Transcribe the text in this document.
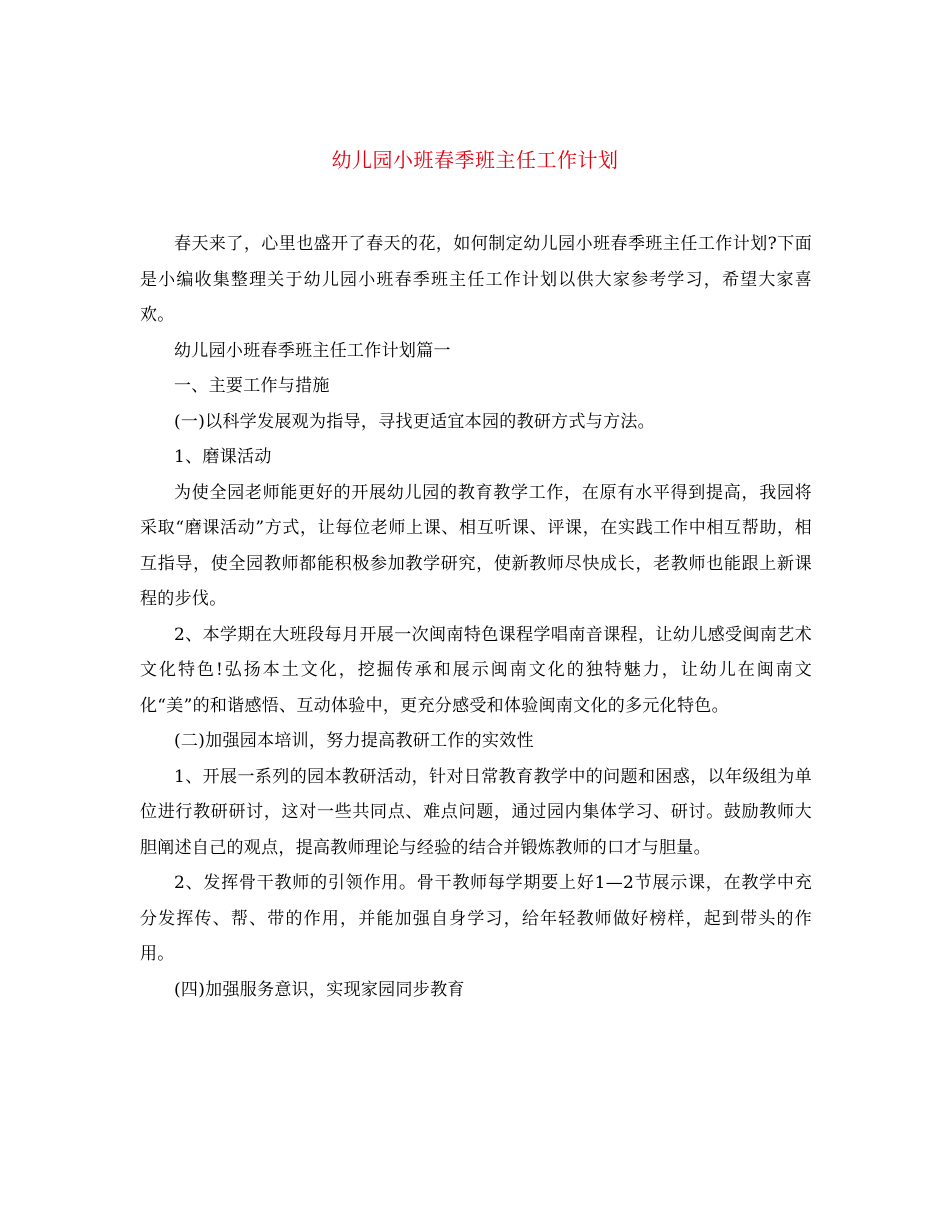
幼儿园小班春季班主任工作计划

春天来了，心里也盛开了春天的花，如何制定幼儿园小班春季班主任工作计划?下面是小编收集整理关于幼儿园小班春季班主任工作计划以供大家参考学习，希望大家喜欢。

幼儿园小班春季班主任工作计划篇一

一、主要工作与措施

(一)以科学发展观为指导，寻找更适宜本园的教研方式与方法。

1、磨课活动

为使全园老师能更好的开展幼儿园的教育教学工作，在原有水平得到提高，我园将采取“磨课活动”方式，让每位老师上课、相互听课、评课，在实践工作中相互帮助，相互指导，使全园教师都能积极参加教学研究，使新教师尽快成长，老教师也能跟上新课程的步伐。

2、本学期在大班段每月开展一次闽南特色课程学唱南音课程，让幼儿感受闽南艺术文化特色!弘扬本土文化，挖掘传承和展示闽南文化的独特魅力，让幼儿在闽南文化“美”的和谐感悟、互动体验中，更充分感受和体验闽南文化的多元化特色。

(二)加强园本培训，努力提高教研工作的实效性

1、开展一系列的园本教研活动，针对日常教育教学中的问题和困惑，以年级组为单位进行教研研讨，这对一些共同点、难点问题，通过园内集体学习、研讨。鼓励教师大胆阐述自己的观点，提高教师理论与经验的结合并锻炼教师的口才与胆量。

2、发挥骨干教师的引领作用。骨干教师每学期要上好1—2节展示课，在教学中充分发挥传、帮、带的作用，并能加强自身学习，给年轻教师做好榜样，起到带头的作用。

(四)加强服务意识，实现家园同步教育
